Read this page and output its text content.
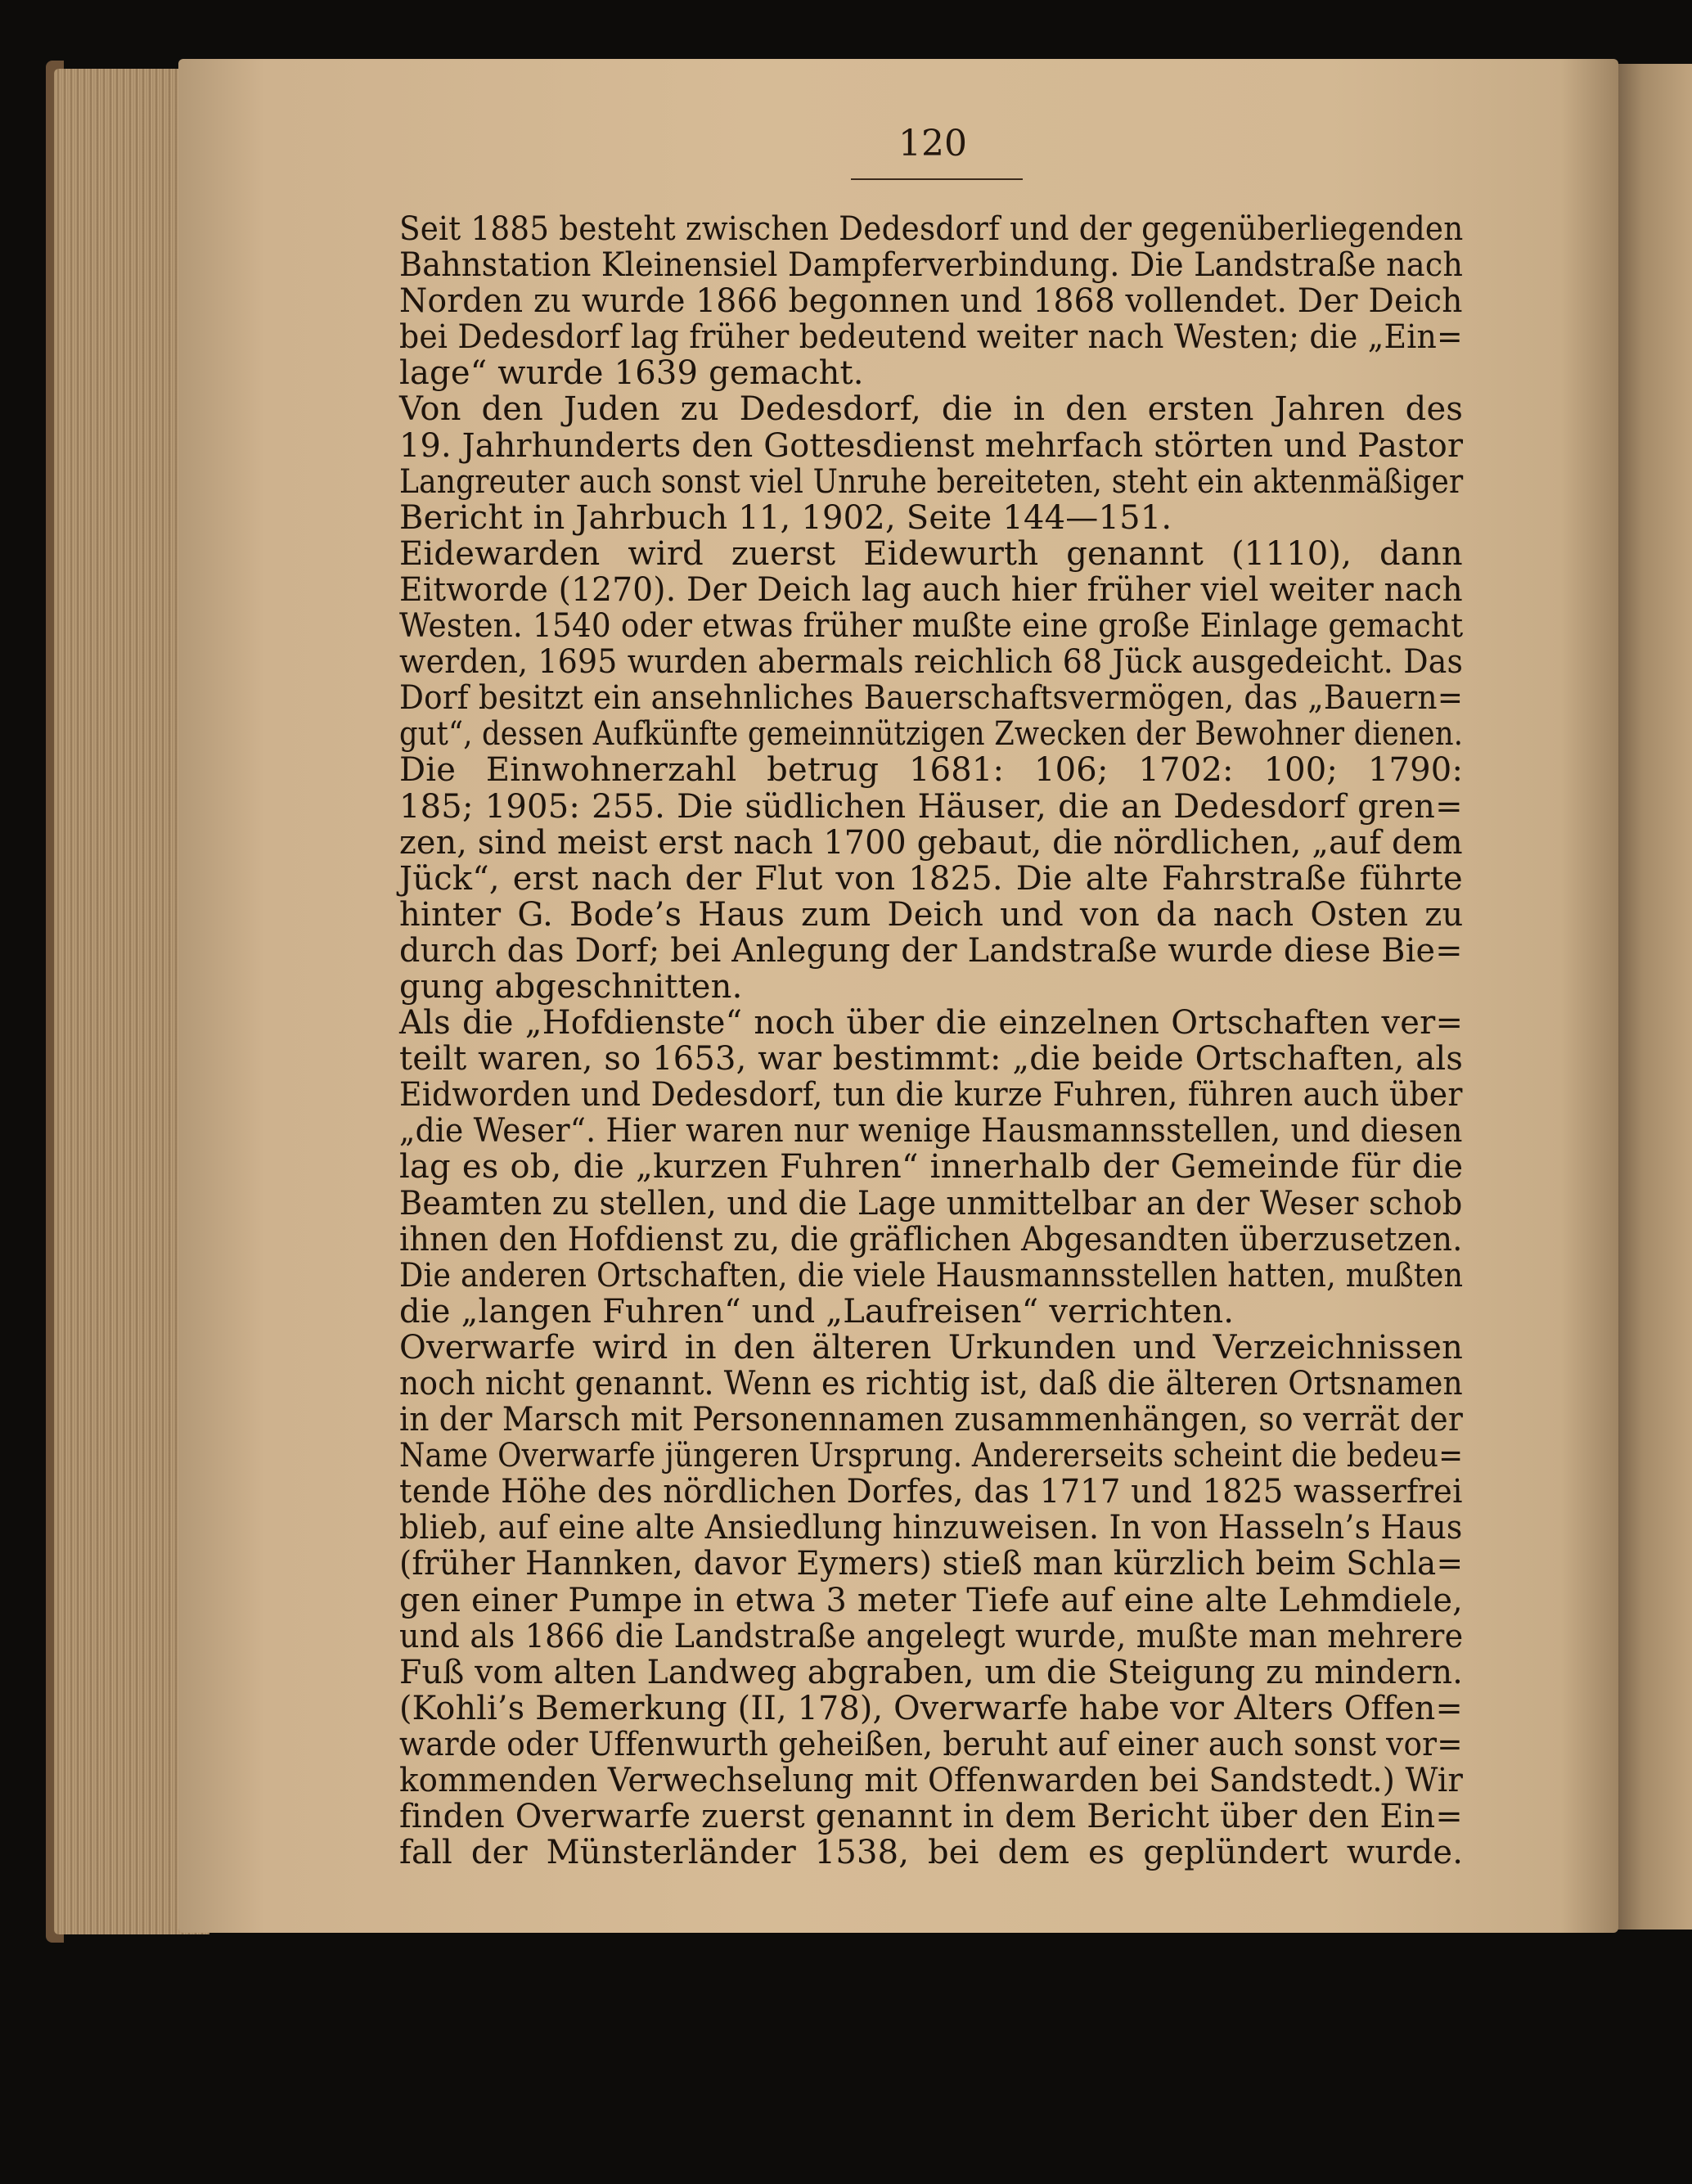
120
Seit 1885 besteht zwischen Dedesdorf und der gegenüberliegenden
Bahnstation Kleinensiel Dampferverbindung. Die Landstraße nach
Norden zu wurde 1866 begonnen und 1868 vollendet. Der Deich
bei Dedesdorf lag früher bedeutend weiter nach Westen; die „Ein=
lage“ wurde 1639 gemacht.
Von den Juden zu Dedesdorf, die in den ersten Jahren des
19. Jahrhunderts den Gottesdienst mehrfach störten und Pastor
Langreuter auch sonst viel Unruhe bereiteten, steht ein aktenmäßiger
Bericht in Jahrbuch 11, 1902, Seite 144—151.
Eidewarden wird zuerst Eidewurth genannt (1110), dann
Eitworde (1270). Der Deich lag auch hier früher viel weiter nach
Westen. 1540 oder etwas früher mußte eine große Einlage gemacht
werden, 1695 wurden abermals reichlich 68 Jück ausgedeicht. Das
Dorf besitzt ein ansehnliches Bauerschaftsvermögen, das „Bauern=
gut“, dessen Aufkünfte gemeinnützigen Zwecken der Bewohner dienen.
Die Einwohnerzahl betrug 1681: 106; 1702: 100; 1790:
185; 1905: 255. Die südlichen Häuser, die an Dedesdorf gren=
zen, sind meist erst nach 1700 gebaut, die nördlichen, „auf dem
Jück“, erst nach der Flut von 1825. Die alte Fahrstraße führte
hinter G. Bode’s Haus zum Deich und von da nach Osten zu
durch das Dorf; bei Anlegung der Landstraße wurde diese Bie=
gung abgeschnitten.
Als die „Hofdienste“ noch über die einzelnen Ortschaften ver=
teilt waren, so 1653, war bestimmt: „die beide Ortschaften, als
Eidworden und Dedesdorf, tun die kurze Fuhren, führen auch über
„die Weser“. Hier waren nur wenige Hausmannsstellen, und diesen
lag es ob, die „kurzen Fuhren“ innerhalb der Gemeinde für die
Beamten zu stellen, und die Lage unmittelbar an der Weser schob
ihnen den Hofdienst zu, die gräflichen Abgesandten überzusetzen.
Die anderen Ortschaften, die viele Hausmannsstellen hatten, mußten
die „langen Fuhren“ und „Laufreisen“ verrichten.
Overwarfe wird in den älteren Urkunden und Verzeichnissen
noch nicht genannt. Wenn es richtig ist, daß die älteren Ortsnamen
in der Marsch mit Personennamen zusammenhängen, so verrät der
Name Overwarfe jüngeren Ursprung. Andererseits scheint die bedeu=
tende Höhe des nördlichen Dorfes, das 1717 und 1825 wasserfrei
blieb, auf eine alte Ansiedlung hinzuweisen. In von Hasseln’s Haus
(früher Hannken, davor Eymers) stieß man kürzlich beim Schla=
gen einer Pumpe in etwa 3 meter Tiefe auf eine alte Lehmdiele,
und als 1866 die Landstraße angelegt wurde, mußte man mehrere
Fuß vom alten Landweg abgraben, um die Steigung zu mindern.
(Kohli’s Bemerkung (II, 178), Overwarfe habe vor Alters Offen=
warde oder Uffenwurth geheißen, beruht auf einer auch sonst vor=
kommenden Verwechselung mit Offenwarden bei Sandstedt.) Wir
finden Overwarfe zuerst genannt in dem Bericht über den Ein=
fall der Münsterländer 1538, bei dem es geplündert wurde.
